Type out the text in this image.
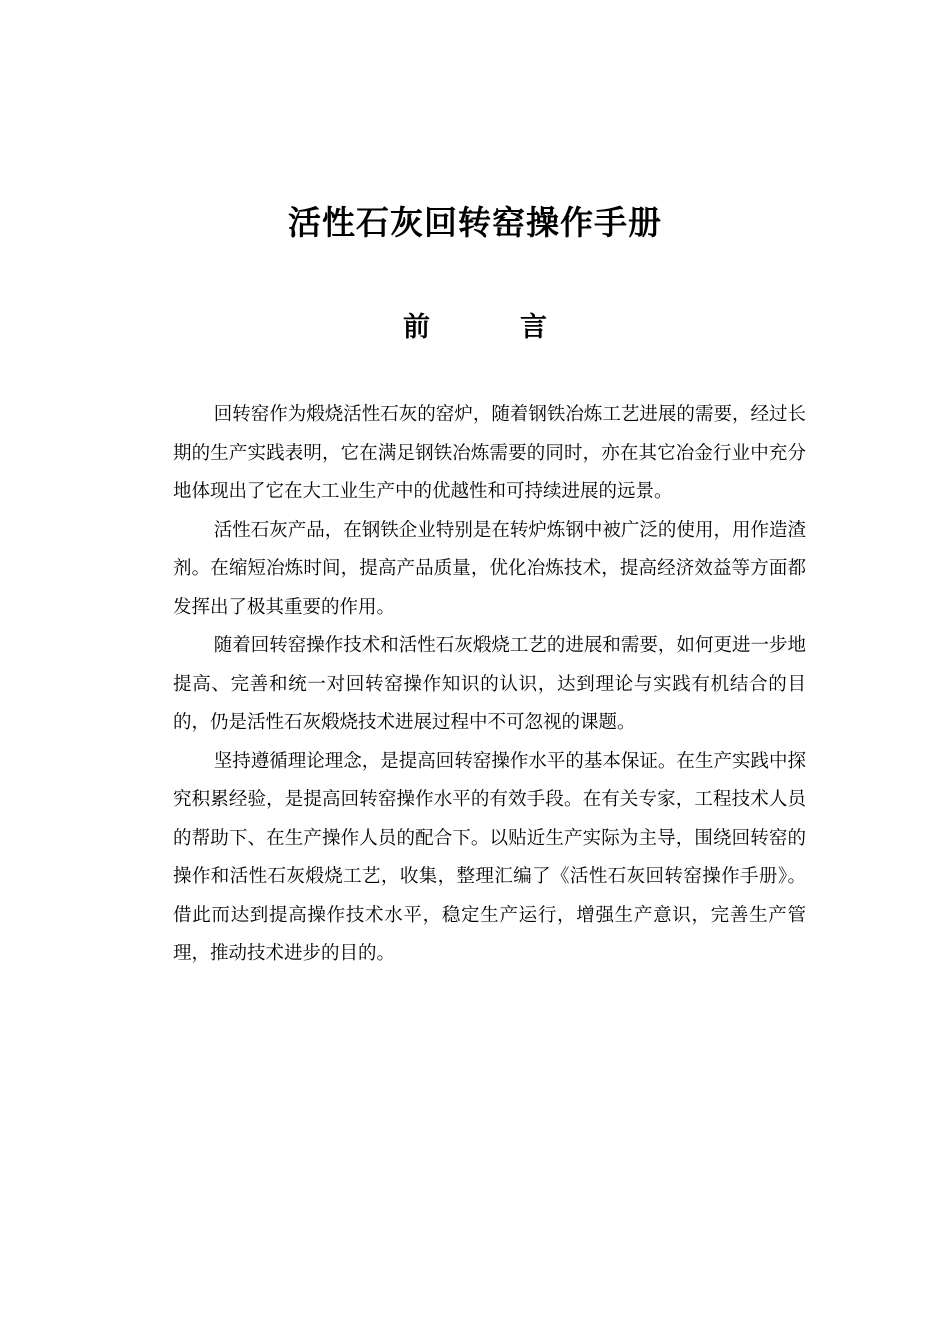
活性石灰回转窑操作手册
前	言

回转窑作为煅烧活性石灰的窑炉，随着钢铁冶炼工艺进展的需要，经过长期的生产实践表明，它在满足钢铁冶炼需要的同时，亦在其它冶金行业中充分地体现出了它在大工业生产中的优越性和可持续进展的远景。

活性石灰产品，在钢铁企业特别是在转炉炼钢中被广泛的使用，用作造渣剂。在缩短冶炼时间，提高产品质量，优化冶炼技术，提高经济效益等方面都发挥出了极其重要的作用。

随着回转窑操作技术和活性石灰煅烧工艺的进展和需要，如何更进一步地提高、完善和统一对回转窑操作知识的认识，达到理论与实践有机结合的目的，仍是活性石灰煅烧技术进展过程中不可忽视的课题。

坚持遵循理论理念，是提高回转窑操作水平的基本保证。在生产实践中探究积累经验，是提高回转窑操作水平的有效手段。在有关专家，工程技术人员的帮助下、在生产操作人员的配合下。以贴近生产实际为主导，围绕回转窑的操作和活性石灰煅烧工艺，收集，整理汇编了《活性石灰回转窑操作手册》。借此而达到提高操作技术水平，稳定生产运行，增强生产意识，完善生产管理，推动技术进步的目的。
